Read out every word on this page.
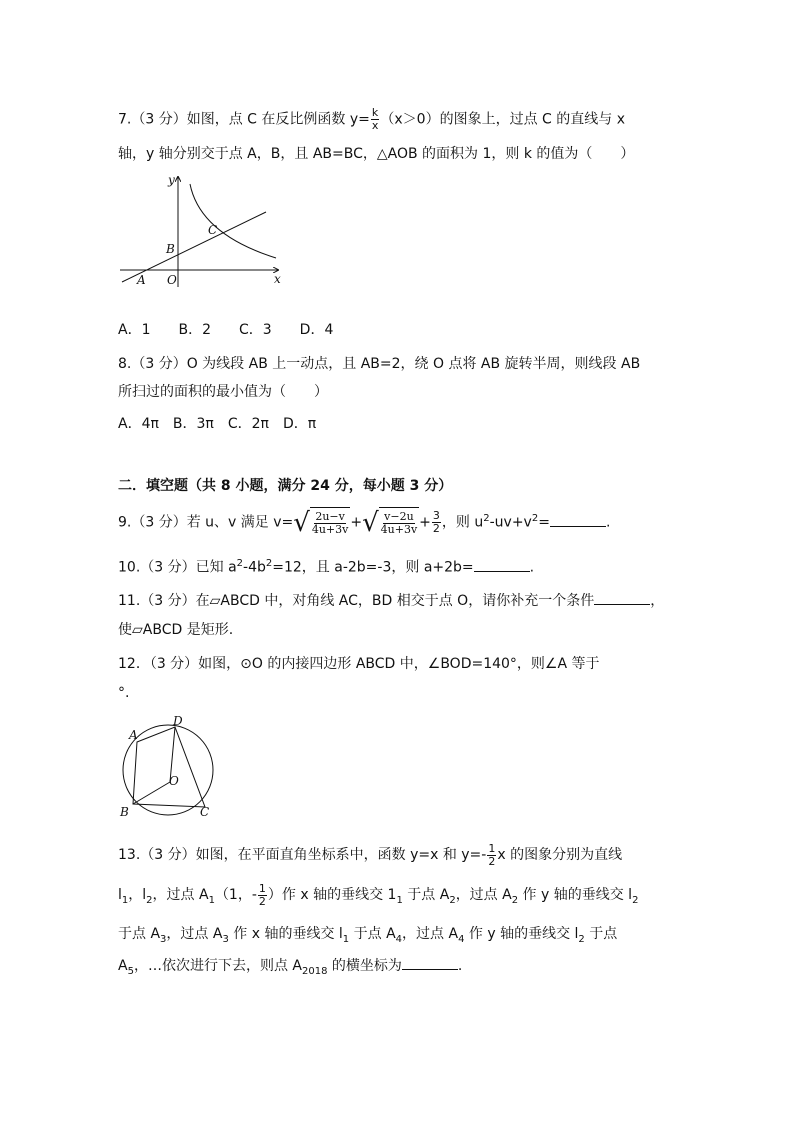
7.（3 分）如图，点 C 在反比例函数 $y= \frac{k}{x} (x>0)$的图象上，过点 C 的直线与 x
轴，y 轴分别交于点 A，B，且 AB=BC，△AOB 的面积为 1，则 k 的值为（　　）
y
x
C
B
A O
A．1　　B．2　　C．3　　D．4
8.（3 分）O 为线段 AB 上一动点，且 AB=2，绕 O 点将 AB 旋转半周，则线段 AB
所扫过的面积的最小值为（　　）
A．4π　B．3π　C．2π　D．π
二．填空题（共 8 小题，满分 24 分，每小题 3 分）
9.（3 分）若 u、v 满足 v= √ $\frac{2u-v}{4u+3v}$ + √ $\frac{v-2u}{4u+3v} + \frac{3}{2}$ ，则 $u^2-uv+v^2=$	.
10.（3 分）已知 $a^2-4b^2=12$，且 a-2b=-3，则 a+2b=	.
11.（3 分）在▱ABCD 中，对角线 AC，BD 相交于点 O，请你补充一个条件	，
使▱ABCD 是矩形.
12．（3 分）如图，⊙O 的内接四边形 ABCD 中，∠BOD=140°，则∠A 等于
°.
A
D
O
B	C
13.（3 分）如图，在平面直角坐标系中，函数 y=x 和 $y=- \frac{1}{2}$ x 的图象分别为直线
$l_1$，$l_2$，过点 $A_1(1$，- $\frac{1}{2}$ ）作 x 轴的垂线交 $1_1$ 于点 $A_2$，过点 $A_2$ 作 y 轴的垂线交 $l_2$
于点 $A_3$，过点 $A_3$ 作 x 轴的垂线交 $l_1$ 于点 $A_4$，过点 $A_4$ 作 y 轴的垂线交 $l_2$ 于点
$A_5$，…依次进行下去，则点 $A_{2018}$ 的横坐标为	.
